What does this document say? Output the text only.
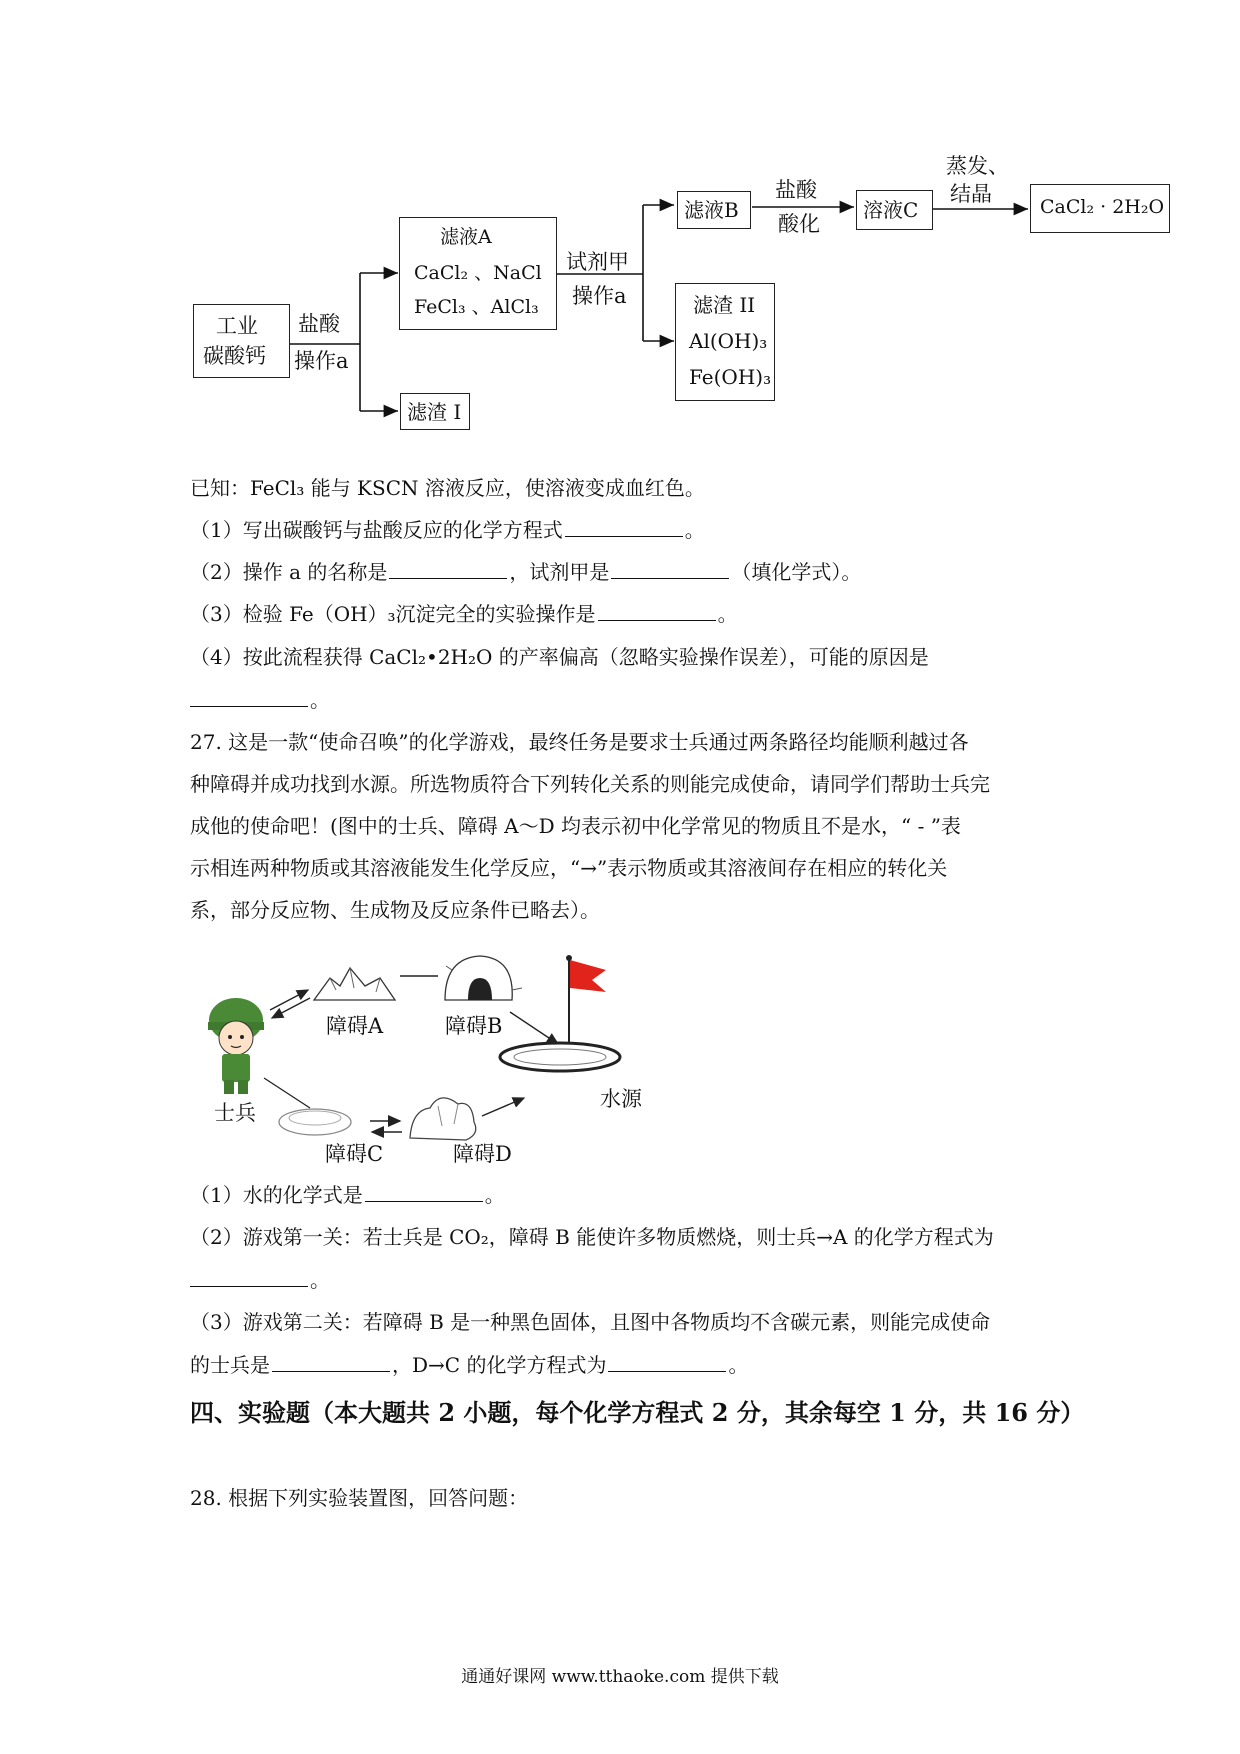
工业
碳酸钙
盐酸
操作a
滤液A
CaCl₂ 、NaCl
FeCl₃ 、AlCl₃
滤渣 I
试剂甲
操作a
滤液B
滤渣 II
Al(OH)₃
Fe(OH)₃
盐酸
酸化
溶液C
蒸发、
结晶
CaCl₂ · 2H₂O
已知：FeCl₃ 能与 KSCN 溶液反应，使溶液变成血红色。
（1）写出碳酸钙与盐酸反应的化学方程式	。
（2）操作 a 的名称是	，试剂甲是	（填化学式）。
（3）检验 Fe（OH）₃沉淀完全的实验操作是	。
（4）按此流程获得 CaCl₂•2H₂O 的产率偏高（忽略实验操作误差），可能的原因是
。
27. 这是一款“使命召唤”的化学游戏，最终任务是要求士兵通过两条路径均能顺利越过各
种障碍并成功找到水源。所选物质符合下列转化关系的则能完成使命，请同学们帮助士兵完
成他的使命吧！(图中的士兵、障碍 A～D 均表示初中化学常见的物质且不是水，“ - ”表
示相连两种物质或其溶液能发生化学反应，“→”表示物质或其溶液间存在相应的转化关
系，部分反应物、生成物及反应条件已略去）。
士兵
障碍A	障碍B
水源
障碍C	障碍D
（1）水的化学式是	。
（2）游戏第一关：若士兵是 CO₂，障碍 B 能使许多物质燃烧，则士兵→A 的化学方程式为
。
（3）游戏第二关：若障碍 B 是一种黑色固体，且图中各物质均不含碳元素，则能完成使命
的士兵是	，D→C 的化学方程式为	。
四、实验题（本大题共 2 小题，每个化学方程式 2 分，其余每空 1 分，共 16 分）
28. 根据下列实验装置图，回答问题：
通通好课网 www.tthaoke.com 提供下载
